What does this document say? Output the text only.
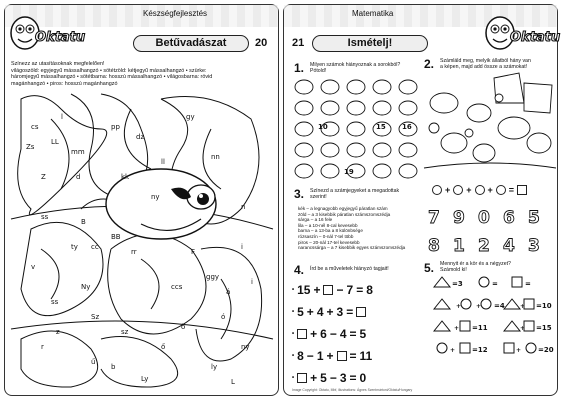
Oktatu
Készségfejlesztés
Betűvadászat	20
Színezz az utasításoknak megfelelően!
világoszöld: egyjegyű mássalhangzó • sötétzöld: kétjegyű mássalhangzó • szürke:
háromjegyű mássalhangzó • sötétbarna: hosszú mássalhangzó • világosbarna: rövid
magánhangzó • piros: hosszú magánhangzó
cs
l
Zs
LL
mm
pp
dz
gy
Z	d	kk
ll
ny
n
nn
ss
B
ty cc
BB
rr
v
F
i
ggy
á
Ny	ccs
i
ó
Sz
ss
sz
ő	ny
b	ly
r
L
Ly
z
ö
ű
Matematika
Ismételj!
21	Oktatu
1. Milyen számok hiányoznak a sorokból?
Pótold!
10	15 16
19
2. Számláld meg, melyik állatból hány van
a képen, majd add össze a számokat!
+ + + =
3. Színezd a számjegyeket a megadottak
szerint!
kék – a legnagyobb egyjegyű páratlan szám
zöld – a 3 kisebbik páratlan számszomszédja
sárga – a 16 fele
lila – a 10-nél 8-cal kevesebb
barna – a 13-ba a 8 különbsége
rózsaszín – 0-nál 7-tel több
piros – 20-nál 17-tel kevesebb
narancssárga – a 7 kisebbik egyes számszomszédja
7 9 0 6 5
8 1 2 4 3
4. Írd be a műveletek hiányzó tagjait!
• 15 + − 7 = 8
• 5 + 4 + 3 =
• + 6 − 4 = 5
• 8 − 1 + = 11
• + 5 − 3 = 0
5. Mennyit ér a kör és a négyzet?
Számold ki!
=3	=	=
+ + =4	+ =10
+ =11	+ =15
+ =12	+ =20
Image Copyright: Oktatu, Mbf, illustrations: Ágnes Szentmártoni/Oktatu/Hungary
